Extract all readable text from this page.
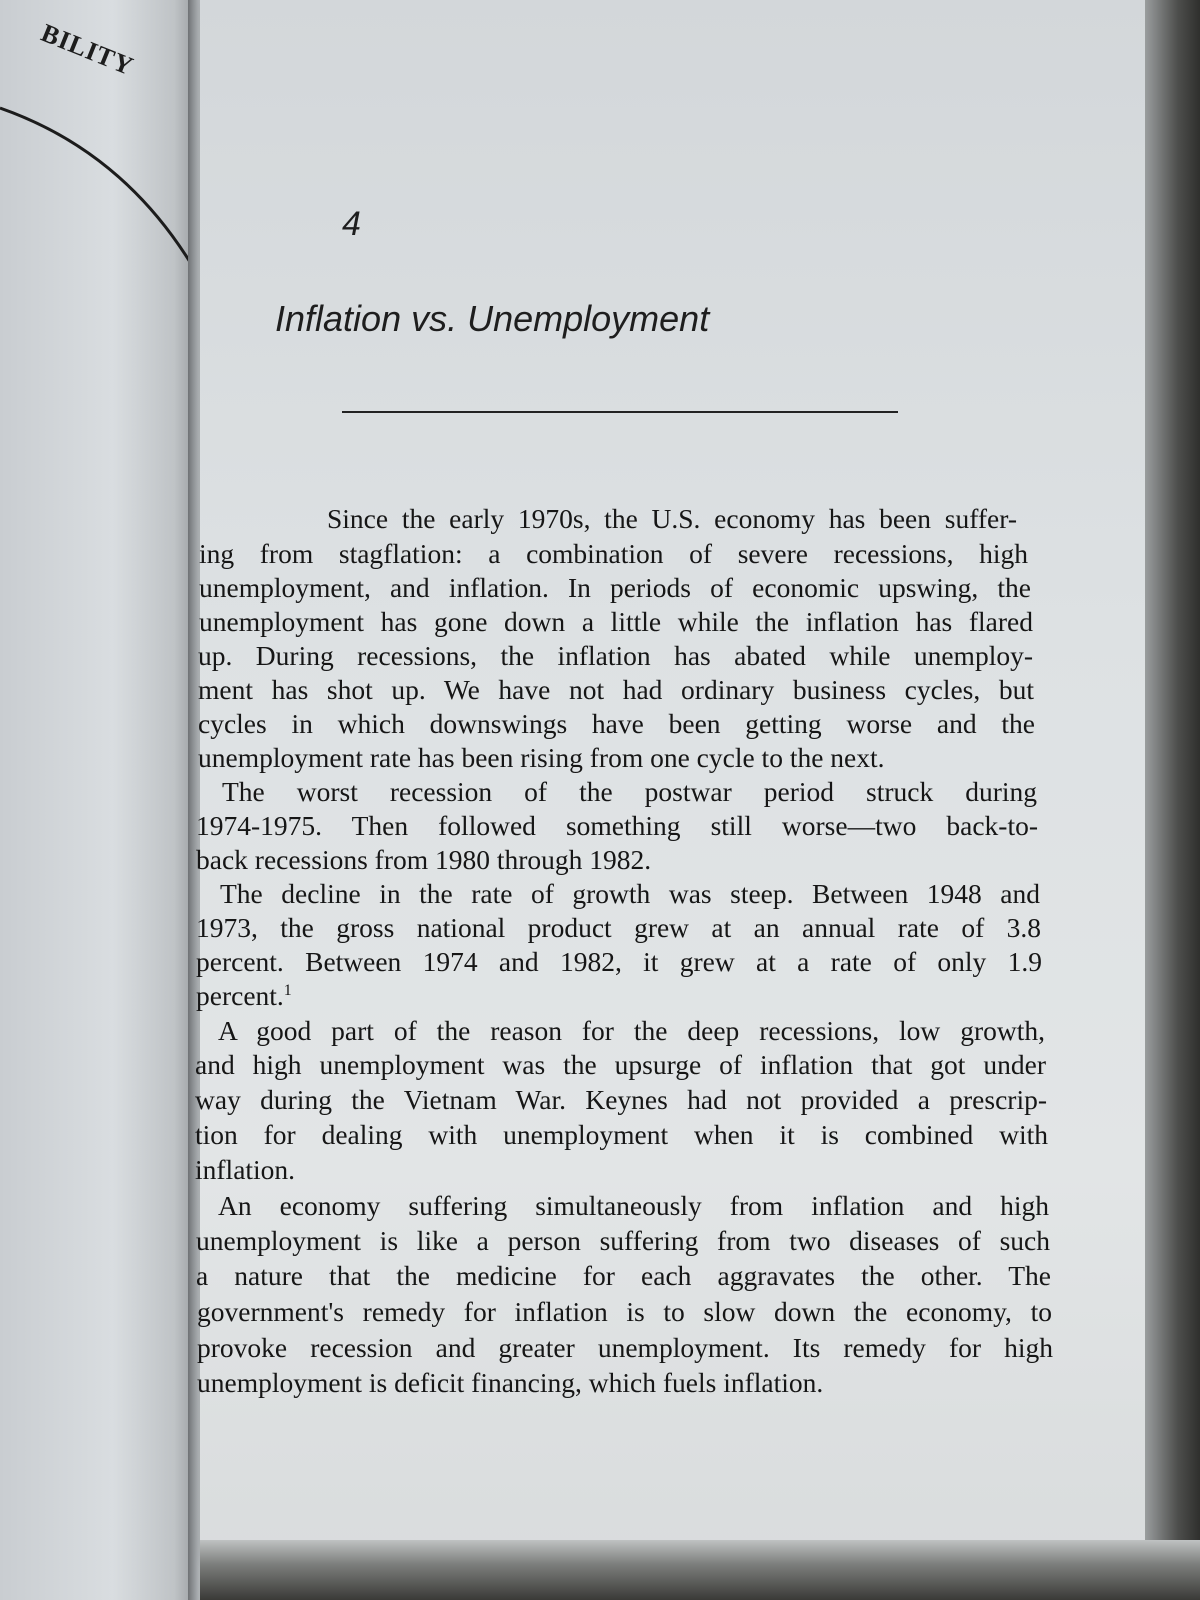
BILITY
4
Inflation vs. Unemployment
Since the early 1970s, the U.S. economy has been suffer-
ing from stagflation: a combination of severe recessions, high
unemployment, and inflation. In periods of economic upswing, the
unemployment has gone down a little while the inflation has flared
up. During recessions, the inflation has abated while unemploy-
ment has shot up. We have not had ordinary business cycles, but
cycles in which downswings have been getting worse and the
unemployment rate has been rising from one cycle to the next.
The worst recession of the postwar period struck during
1974-1975. Then followed something still worse—two back-to-
back recessions from 1980 through 1982.
The decline in the rate of growth was steep. Between 1948 and
1973, the gross national product grew at an annual rate of 3.8
percent. Between 1974 and 1982, it grew at a rate of only 1.9
percent.$^1$
A good part of the reason for the deep recessions, low growth,
and high unemployment was the upsurge of inflation that got under
way during the Vietnam War. Keynes had not provided a prescrip-
tion for dealing with unemployment when it is combined with
inflation.
An economy suffering simultaneously from inflation and high
unemployment is like a person suffering from two diseases of such
a nature that the medicine for each aggravates the other. The
government's remedy for inflation is to slow down the economy, to
provoke recession and greater unemployment. Its remedy for high
unemployment is deficit financing, which fuels inflation.
